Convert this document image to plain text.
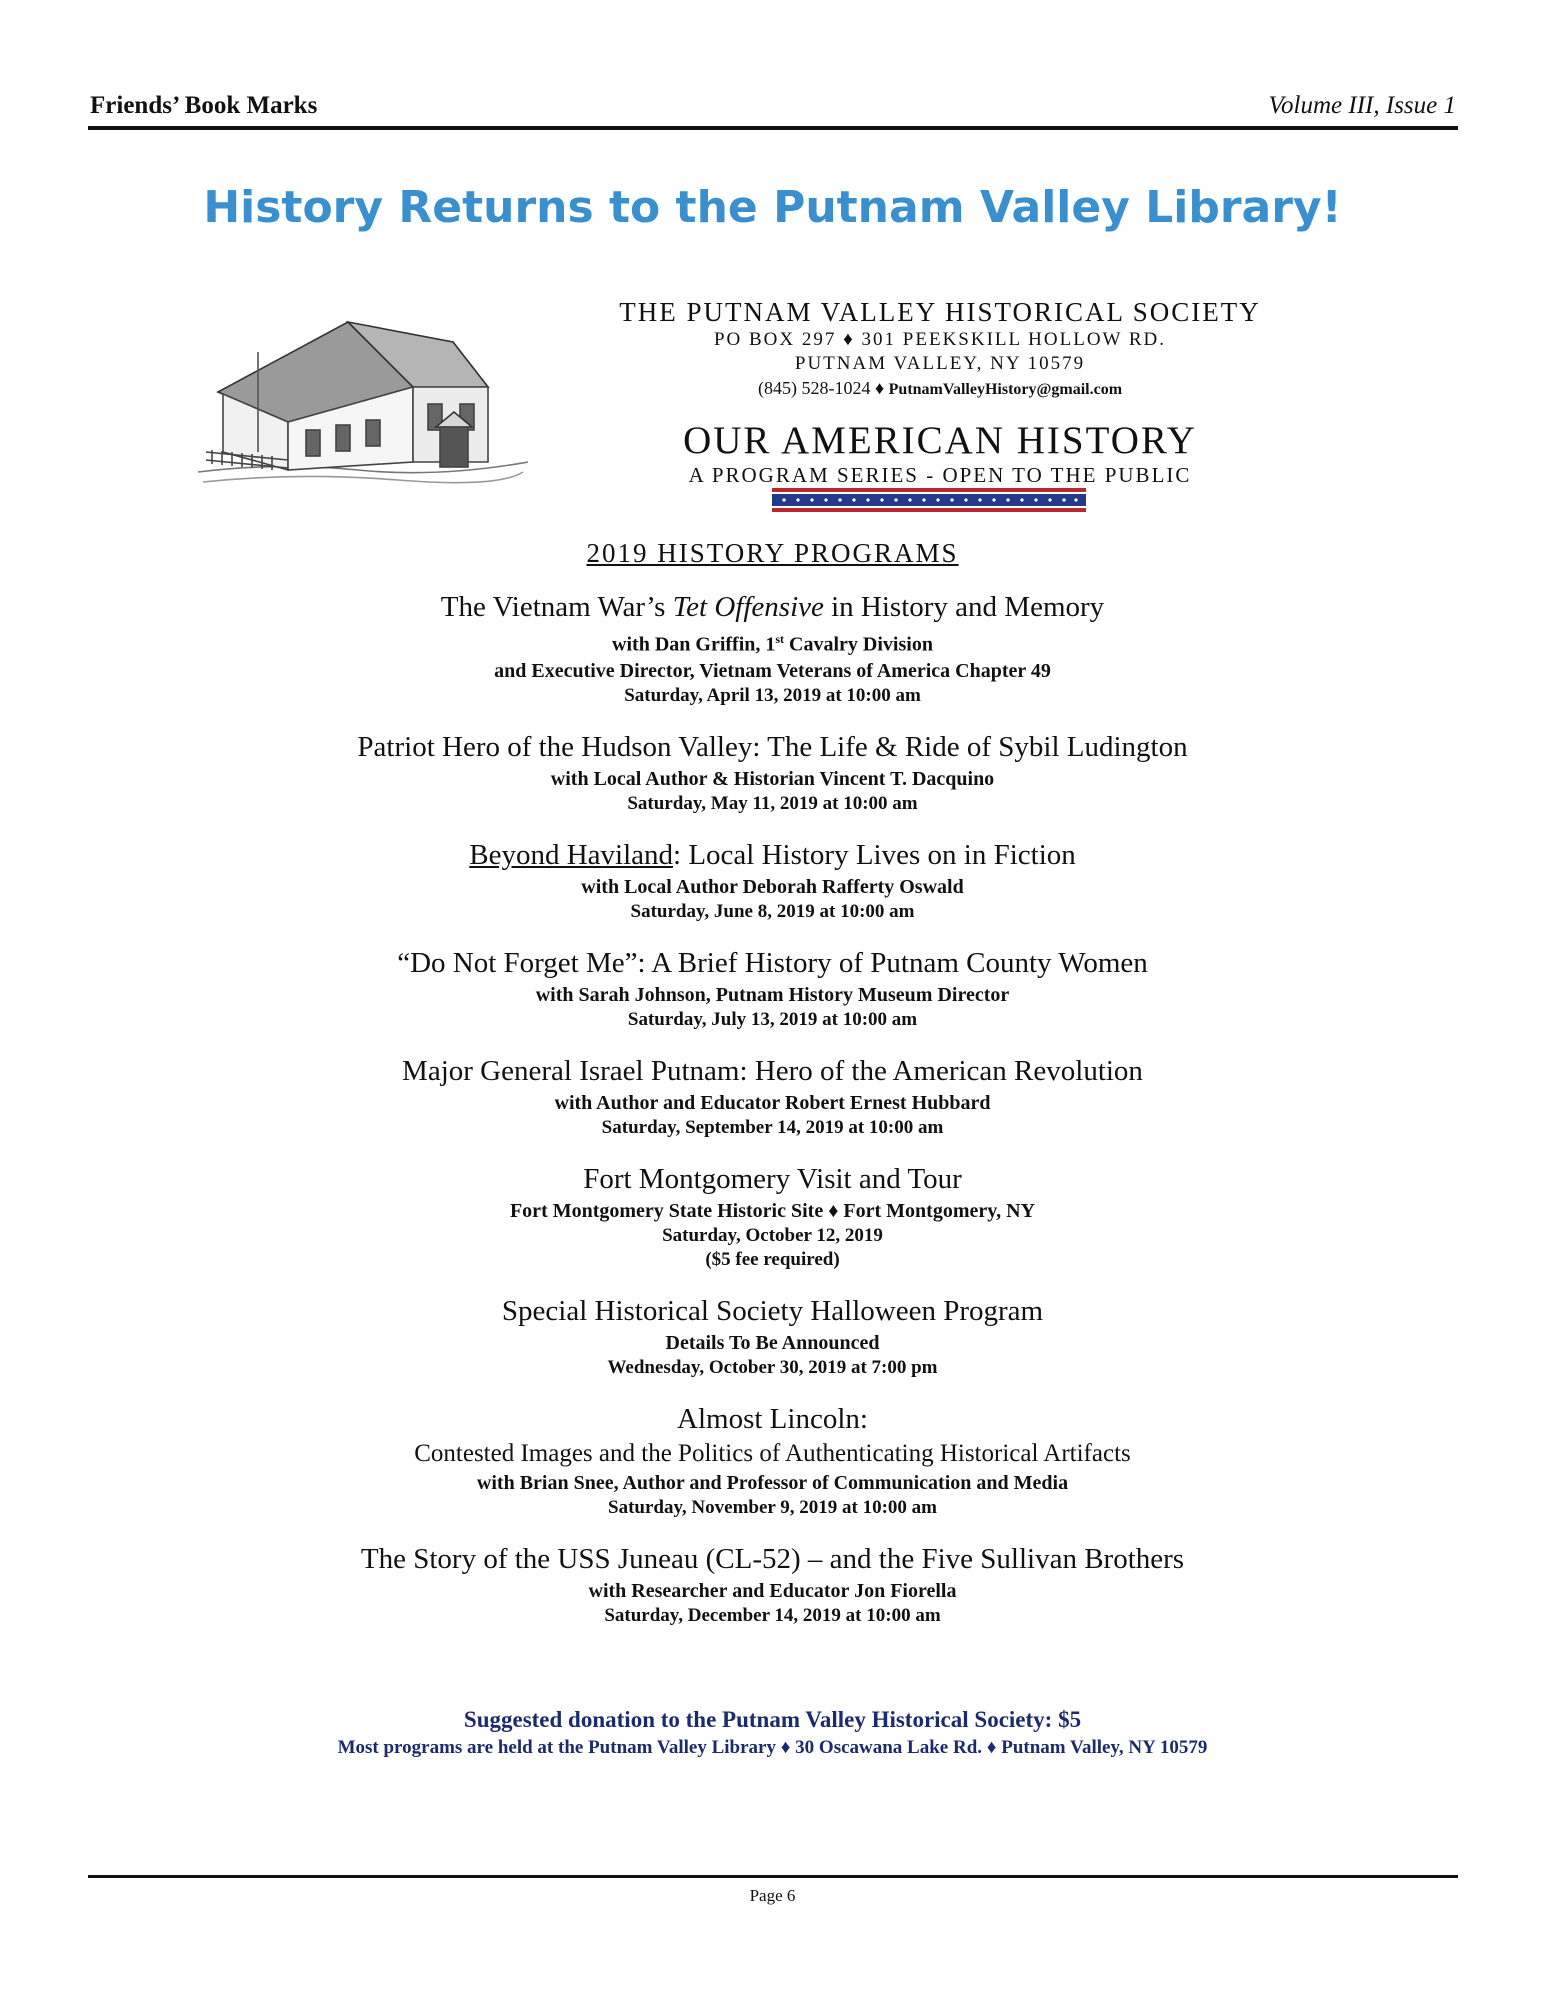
Friends’ Book Marks	Volume III, Issue 1
History Returns to the Putnam Valley Library!
THE PUTNAM VALLEY HISTORICAL SOCIETY
PO BOX 297 ♦ 301 PEEKSKILL HOLLOW RD.
PUTNAM VALLEY, NY 10579
(845) 528-1024 ♦ PutnamValleyHistory@gmail.com
OUR AMERICAN HISTORY
A PROGRAM SERIES - OPEN TO THE PUBLIC
2019 HISTORY PROGRAMS
The Vietnam War’s Tet Offensive in History and Memory
with Dan Griffin, 1st Cavalry Division
and Executive Director, Vietnam Veterans of America Chapter 49
Saturday, April 13, 2019 at 10:00 am
Patriot Hero of the Hudson Valley: The Life & Ride of Sybil Ludington
with Local Author & Historian Vincent T. Dacquino
Saturday, May 11, 2019 at 10:00 am
Beyond Haviland: Local History Lives on in Fiction
with Local Author Deborah Rafferty Oswald
Saturday, June 8, 2019 at 10:00 am
“Do Not Forget Me”: A Brief History of Putnam County Women
with Sarah Johnson, Putnam History Museum Director
Saturday, July 13, 2019 at 10:00 am
Major General Israel Putnam: Hero of the American Revolution
with Author and Educator Robert Ernest Hubbard
Saturday, September 14, 2019 at 10:00 am
Fort Montgomery Visit and Tour
Fort Montgomery State Historic Site ♦ Fort Montgomery, NY
Saturday, October 12, 2019
($5 fee required)
Special Historical Society Halloween Program
Details To Be Announced
Wednesday, October 30, 2019 at 7:00 pm
Almost Lincoln:
Contested Images and the Politics of Authenticating Historical Artifacts
with Brian Snee, Author and Professor of Communication and Media
Saturday, November 9, 2019 at 10:00 am
The Story of the USS Juneau (CL-52) – and the Five Sullivan Brothers
with Researcher and Educator Jon Fiorella
Saturday, December 14, 2019 at 10:00 am
Suggested donation to the Putnam Valley Historical Society: $5
Most programs are held at the Putnam Valley Library ♦ 30 Oscawana Lake Rd. ♦ Putnam Valley, NY 10579
Page 6
